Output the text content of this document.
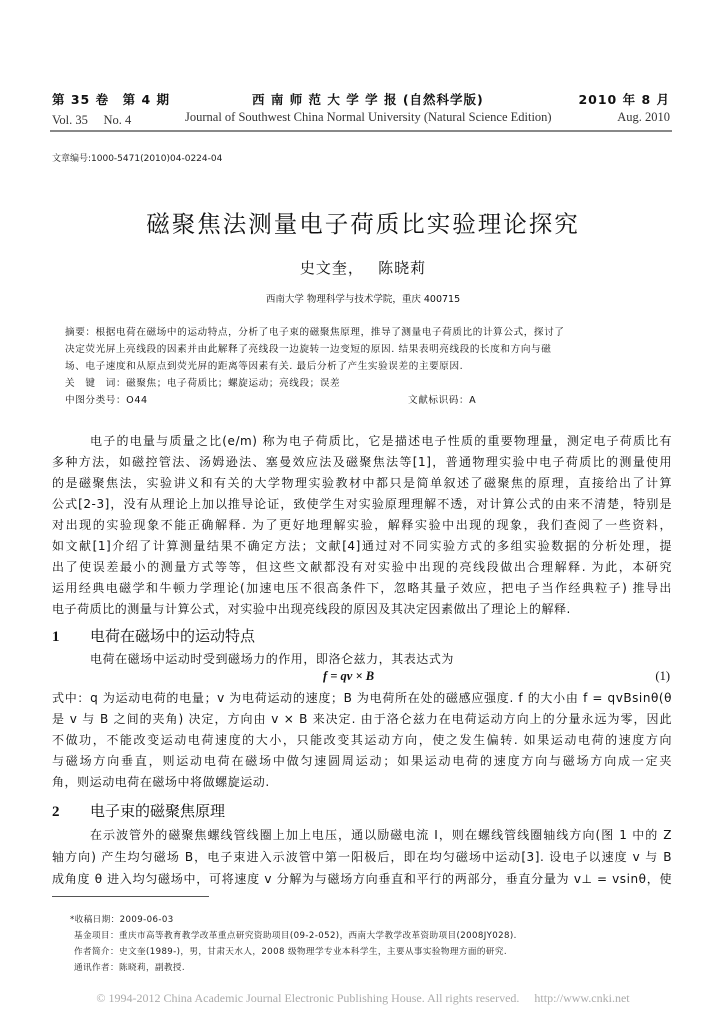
第 35 卷　第 4 期	西 南 师 范 大 学 学 报 (自然科学版)	2010 年 8 月
Vol. 35　 No. 4	Journal of Southwest China Normal University (Natural Science Edition)	Aug. 2010
文章编号:1000-5471(2010)04-0224-04
磁聚焦法测量电子荷质比实验理论探究
史文奎，　 陈晓莉
西南大学 物理科学与技术学院，重庆 400715
摘要：根据电荷在磁场中的运动特点，分析了电子束的磁聚焦原理，推导了测量电子荷质比的计算公式，探讨了
决定荧光屏上亮线段的因素并由此解释了亮线段一边旋转一边变短的原因. 结果表明亮线段的长度和方向与磁
场、电子速度和从原点到荧光屏的距离等因素有关. 最后分析了产生实验误差的主要原因.
关　键　词：磁聚焦；电子荷质比；螺旋运动；亮线段；误差
中图分类号：O44	文献标识码：A
电子的电量与质量之比(e/m) 称为电子荷质比，它是描述电子性质的重要物理量，测定电子荷质比有
多种方法，如磁控管法、汤姆逊法、塞曼效应法及磁聚焦法等[1]，普通物理实验中电子荷质比的测量使用
的是磁聚焦法，实验讲义和有关的大学物理实验教材中都只是简单叙述了磁聚焦的原理，直接给出了计算
公式[2-3]，没有从理论上加以推导论证，致使学生对实验原理理解不透，对计算公式的由来不清楚，特别是
对出现的实验现象不能正确解释. 为了更好地理解实验，解释实验中出现的现象，我们查阅了一些资料，
如文献[1]介绍了计算测量结果不确定方法；文献[4]通过对不同实验方式的多组实验数据的分析处理，提
出了使误差最小的测量方式等等，但这些文献都没有对实验中出现的亮线段做出合理解释. 为此，本研究
运用经典电磁学和牛顿力学理论(加速电压不很高条件下，忽略其量子效应，把电子当作经典粒子) 推导出
电子荷质比的测量与计算公式，对实验中出现亮线段的原因及其决定因素做出了理论上的解释.
1 电荷在磁场中的运动特点
电荷在磁场中运动时受到磁场力的作用，即洛仑兹力，其表达式为
f = qv × B	(1)
式中：q 为运动电荷的电量；v 为电荷运动的速度；B 为电荷所在处的磁感应强度. f 的大小由 f = qvBsinθ(θ
是 v 与 B 之间的夹角) 决定，方向由 v × B 来决定. 由于洛仑兹力在电荷运动方向上的分量永远为零，因此
不做功，不能改变运动电荷速度的大小，只能改变其运动方向，使之发生偏转. 如果运动电荷的速度方向
与磁场方向垂直，则运动电荷在磁场中做匀速圆周运动；如果运动电荷的速度方向与磁场方向成一定夹
角，则运动电荷在磁场中将做螺旋运动.
2 电子束的磁聚焦原理
在示波管外的磁聚焦螺线管线圈上加上电压，通以励磁电流 I，则在螺线管线圈轴线方向(图 1 中的 Z
轴方向) 产生均匀磁场 B，电子束进入示波管中第一阳极后，即在均匀磁场中运动[3]. 设电子以速度 v 与 B
成角度 θ 进入均匀磁场中，可将速度 v 分解为与磁场方向垂直和平行的两部分，垂直分量为 v⊥ = vsinθ，使
*收稿日期：2009-06-03
基金项目：重庆市高等教育教学改革重点研究资助项目(09-2-052)，西南大学教学改革资助项目(2008JY028).
作者简介：史文奎(1989-)，男，甘肃天水人，2008 级物理学专业本科学生，主要从事实验物理方面的研究.
通讯作者：陈晓莉，副教授.
© 1994-2012 China Academic Journal Electronic Publishing House. All rights reserved.　 http://www.cnki.net
